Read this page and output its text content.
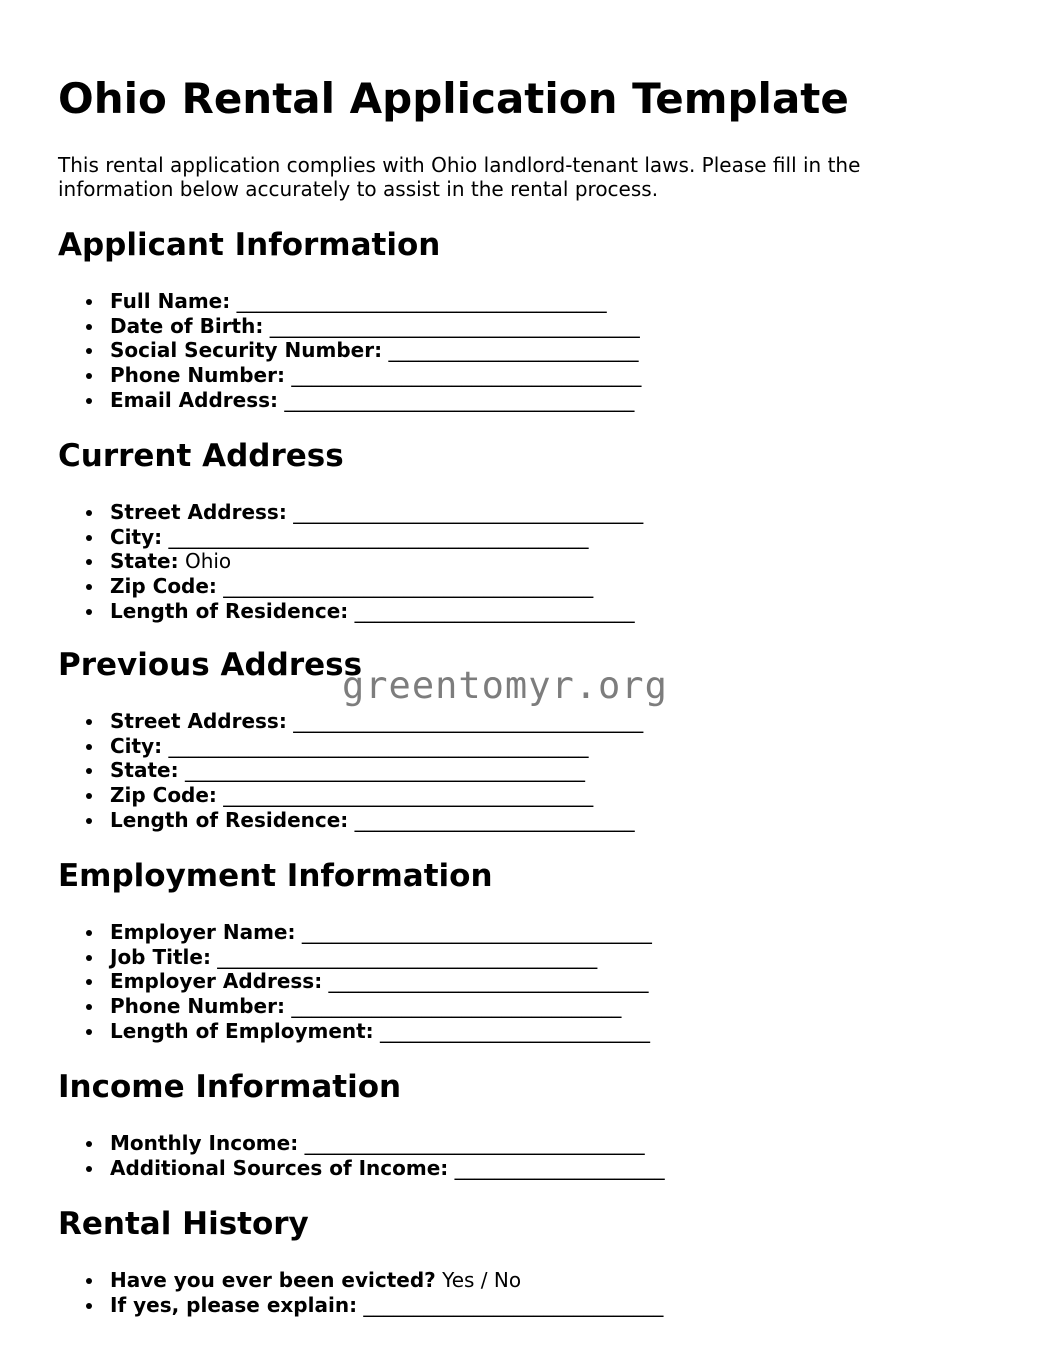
Ohio Rental Application Template

This rental application complies with Ohio landlord-tenant laws. Please fill in the information below accurately to assist in the rental process.

Applicant Information
Full Name: _____________________________________
Date of Birth: _____________________________________
Social Security Number: _________________________
Phone Number: ___________________________________
Email Address: ___________________________________
Current Address
Street Address: ___________________________________
City: __________________________________________
State: Ohio
Zip Code: _____________________________________
Length of Residence: ____________________________
Previous Address
Street Address: ___________________________________
City: __________________________________________
State: ________________________________________
Zip Code: _____________________________________
Length of Residence: ____________________________
Employment Information
Employer Name: ___________________________________
Job Title: ______________________________________
Employer Address: ________________________________
Phone Number: _________________________________
Length of Employment: ___________________________
Income Information
Monthly Income: __________________________________
Additional Sources of Income: _____________________
Rental History
Have you ever been evicted? Yes / No
If yes, please explain: ______________________________
greentomyr.org
